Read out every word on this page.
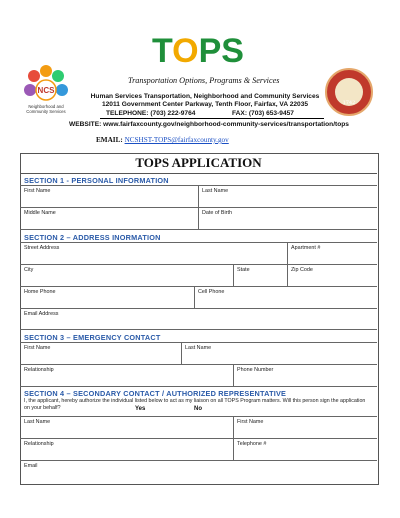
TOPS
NCS
Neighborhood and Community Services
1742
Transportation Options, Programs & Services
Human Services Transportation, Neighborhood and Community Services
12011 Government Center Parkway, Tenth Floor, Fairfax, VA 22035
TELEPHONE: (703) 222-9764	FAX: (703) 653-9457

WEBSITE: www.fairfaxcounty.gov/neighborhood-community-services/transportation/tops
EMAIL: NCSHST-TOPS@fairfaxcounty.gov
TOPS APPLICATION
SECTION 1 - PERSONAL INFORMATION
First Name	Last Name
Middle Name	Date of Birth
SECTION 2 – ADDRESS INORMATION
Street Address	Apartment #
City	State	Zip Code
Home Phone	Cell Phone
Email Address
SECTION 3 – EMERGENCY CONTACT
First Name	Last Name
Relationship	Phone Number
SECTION 4 – SECONDARY CONTACT / AUTHORIZED REPRESENTATIVE
I, the applicant, hereby authorize the individual listed below to act as my liaison on all TOPS Program matters. Will this person sign the application on your behalf?	Yes	No
Last Name	First Name
Relationship	Telephone #
Email
